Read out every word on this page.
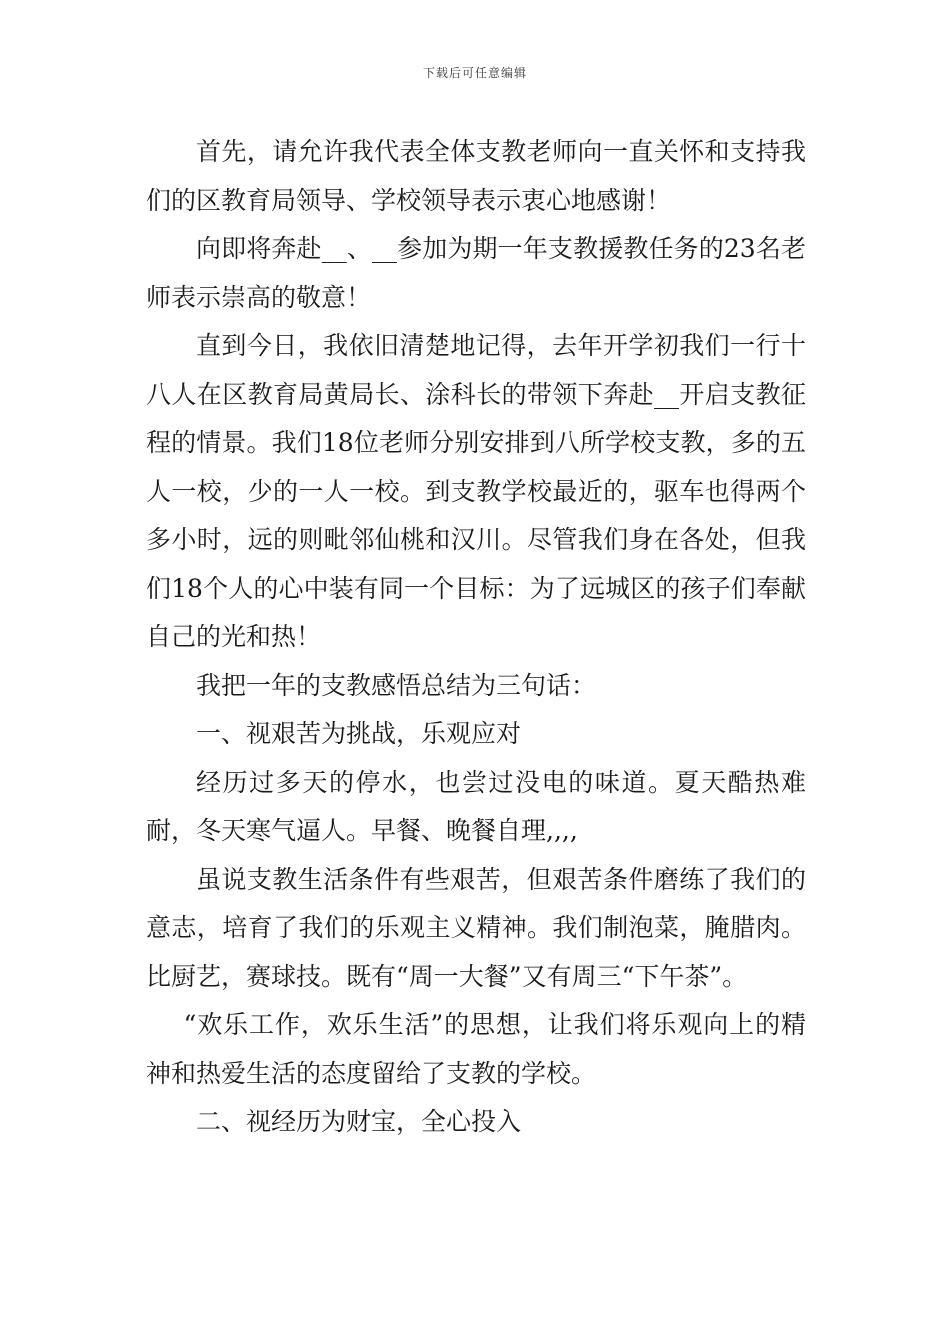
下载后可任意编辑

首先，请允许我代表全体支教老师向一直关怀和支持我们的区教育局领导、学校领导表示衷心地感谢！

向即将奔赴__、__参加为期一年支教援教任务的23名老师表示崇高的敬意！

直到今日，我依旧清楚地记得，去年开学初我们一行十八人在区教育局黄局长、涂科长的带领下奔赴__开启支教征程的情景。我们18位老师分别安排到八所学校支教，多的五人一校，少的一人一校。到支教学校最近的，驱车也得两个多小时，远的则毗邻仙桃和汉川。尽管我们身在各处，但我们18个人的心中装有同一个目标：为了远城区的孩子们奉献自己的光和热！

我把一年的支教感悟总结为三句话：

一、视艰苦为挑战，乐观应对

经历过多天的停水，也尝过没电的味道。夏天酷热难耐，冬天寒气逼人。早餐、晚餐自理,,,,

虽说支教生活条件有些艰苦，但艰苦条件磨练了我们的意志，培育了我们的乐观主义精神。我们制泡菜，腌腊肉。比厨艺，赛球技。既有“周一大餐”又有周三“下午茶”。

“欢乐工作，欢乐生活”的思想，让我们将乐观向上的精神和热爱生活的态度留给了支教的学校。

二、视经历为财宝，全心投入
